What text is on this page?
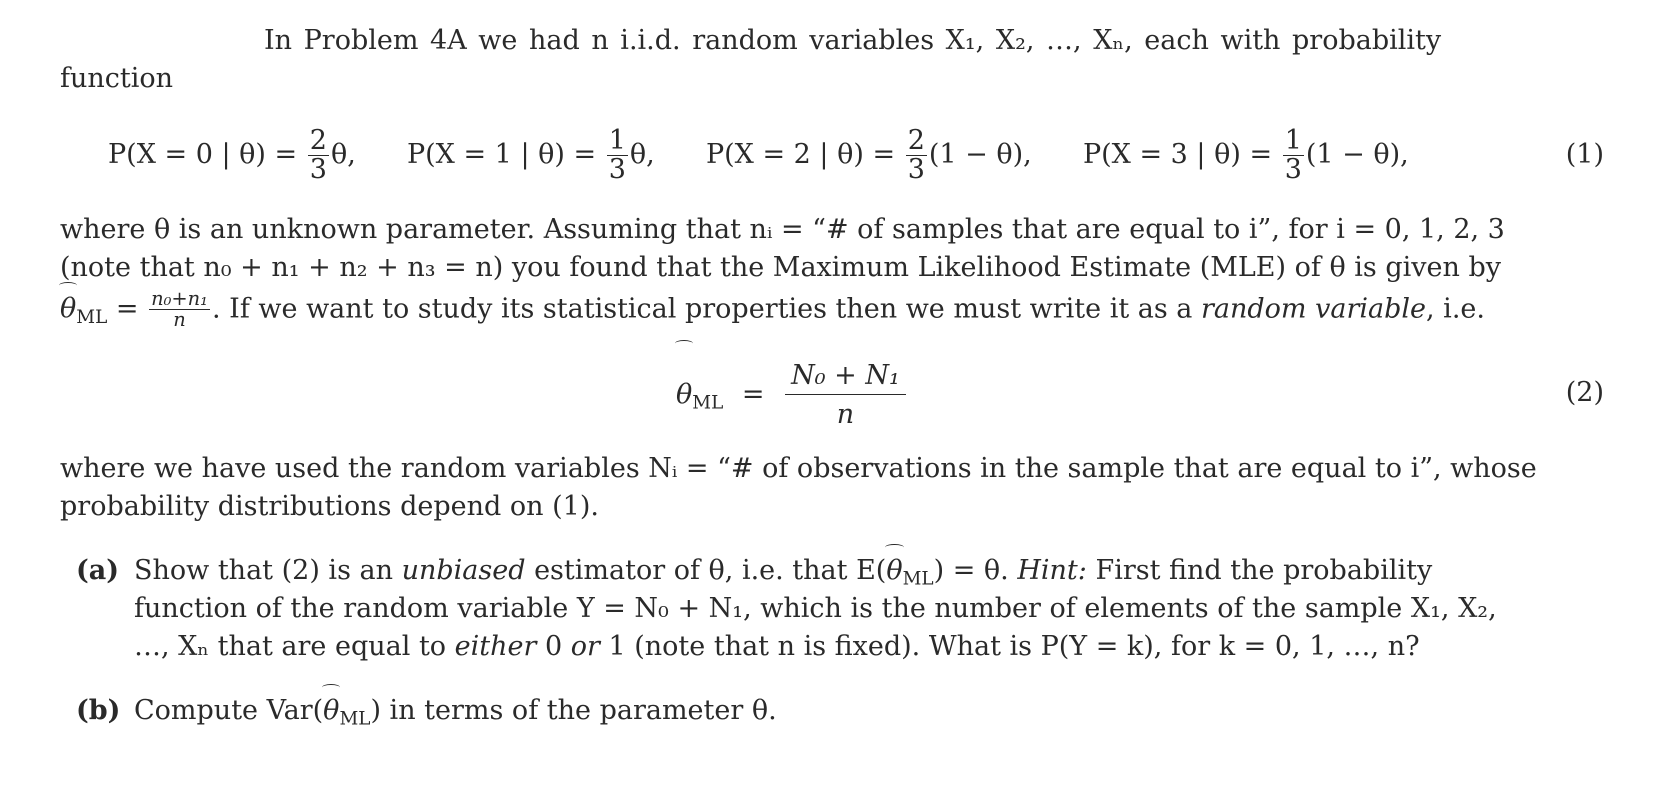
In Problem 4A we had n i.i.d. random variables X₁, X₂, …, Xₙ, each with probability
function
P(X = 0 | $\theta) = \frac{2}{3} \theta$, P(X = 1 | $\theta) = \frac{1}{3} \theta$, P(X = 2 | $\theta) = \frac{2}{3} (1 - \theta)$, P(X = 3 | $\theta) = \frac{1}{3} (1 - \theta)$,	(1)
where θ is an unknown parameter. Assuming that nᵢ = “# of samples that are equal to i”, for i = 0, 1, 2, 3
(note that n₀ + n₁ + n₂ + n₃ = n) you found that the Maximum Likelihood Estimate (MLE) of θ is given by
$\theta_{ML} = \frac{\text{n₀+n₁}}{n}$ . If we want to study its statistical properties then we must write it as a random variable, i.e.
$\theta_{ML} = \frac{\text{N₀ + N₁}}{n}$	(2)
where we have used the random variables Nᵢ = “# of observations in the sample that are equal to i”, whose
probability distributions depend on (1).
(a) Show that (2) is an unbiased estimator of θ, i.e. that $E(\theta_{ML}) = \theta$. Hint: First find the probability
function of the random variable Y = N₀ + N₁, which is the number of elements of the sample X₁, X₂,
…, Xₙ that are equal to either 0 or 1 (note that n is fixed). What is P(Y = k), for k = 0, 1, …, n?
(b) Compute $Var(\theta_{ML})$ in terms of the parameter θ.
